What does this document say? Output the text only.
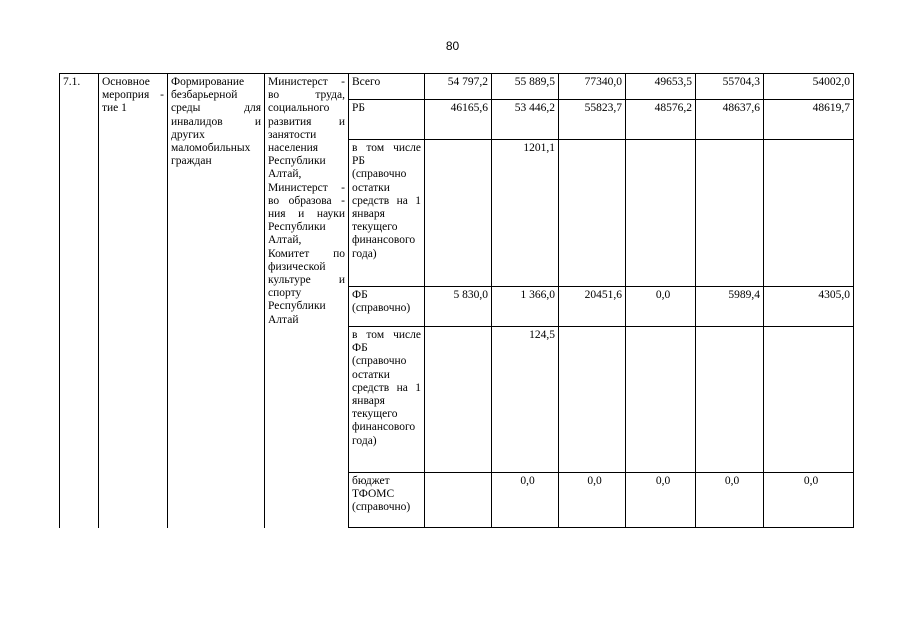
80
7.1.	Основное мероприя - тие 1	Формирование безбарьерной среды для инвалидов и других маломобильных граждан	Министерст - во труда, социального развития и занятости населения Республики Алтай, Министерст - во образова - ния и науки Республики Алтай, Комитет по физической культуре и спорту Республики Алтай	Всего	54 797,2	55 889,5	77340,0	49653,5	55704,3	54002,0
				РБ	46165,6	53 446,2	55823,7	48576,2	48637,6	48619,7

				в том числе РБ (справочно остатки средств на 1 января текущего финансового года)		1201,1				
				ФБ (справочно)	5 830,0	1 366,0	20451,6	0,0	5989,4	4305,0

				в том числе ФБ (справочно остатки средств на 1 января текущего финансового года)		124,5				
				бюджет ТФОМС (справочно)		0,0	0,0	0,0	0,0	0,0
